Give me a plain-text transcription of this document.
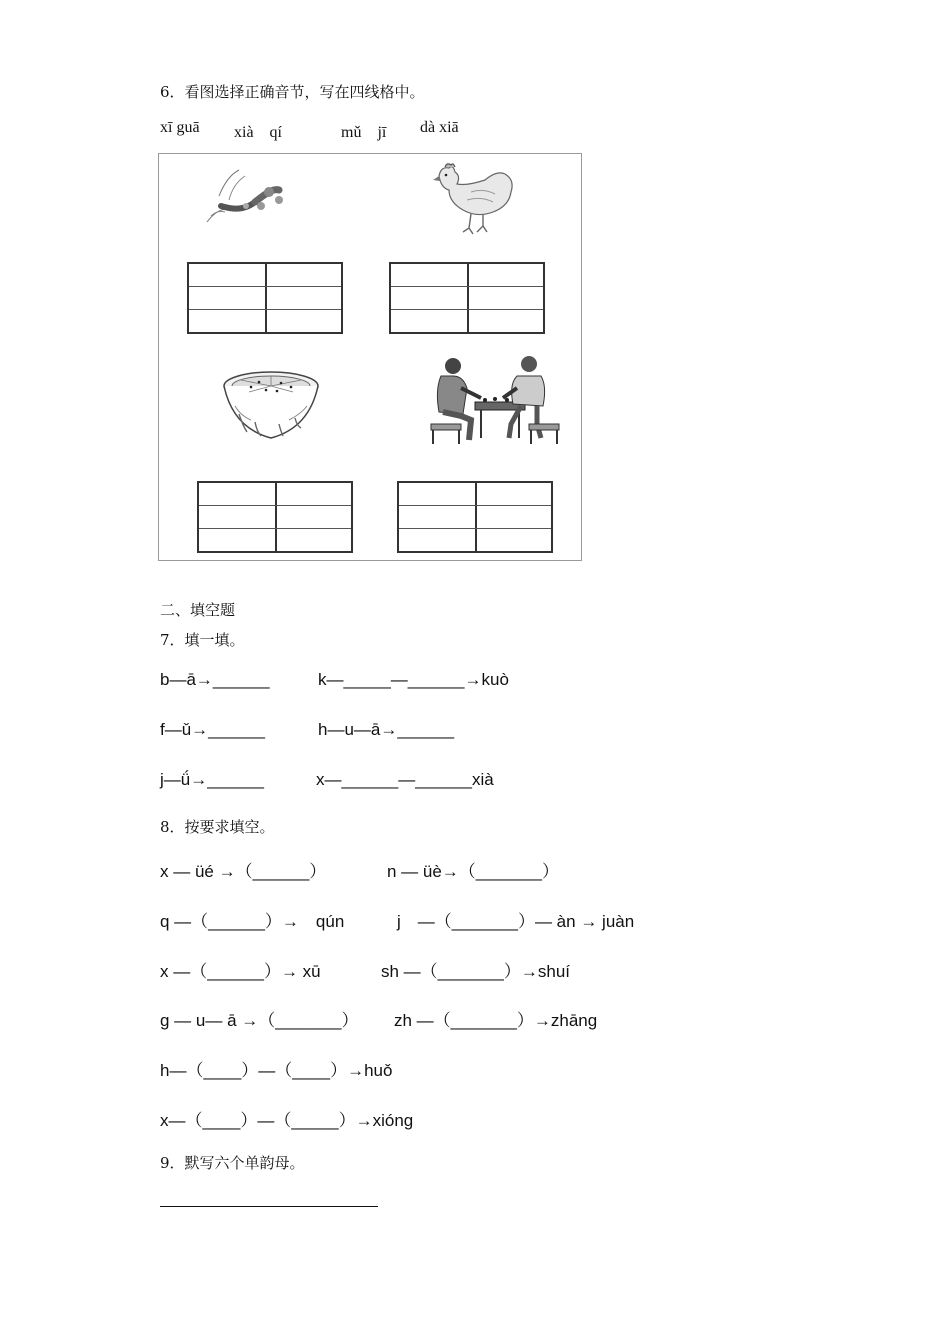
6．看图选择正确音节，写在四线格中。
xī guā xià　qí	mǔ　jī dà xiā
二、填空题
7．填一填。
b—ā→______	k—_____—______→kuò
f—ǔ→______	h—u—ā→______
j—ǘ→______	x—______—______xià
8．按要求填空。
x — üé →（______）	n — üè→（_______）
q —（______）→　qún	j　—（_______）— àn → juàn
x —（______）→ xū	sh —（_______）→shuí
g — u— ā →（_______） zh —（_______）→zhāng
h—（____）—（____）→huǒ
x—（____）—（_____）→xióng
9．默写六个单韵母。
